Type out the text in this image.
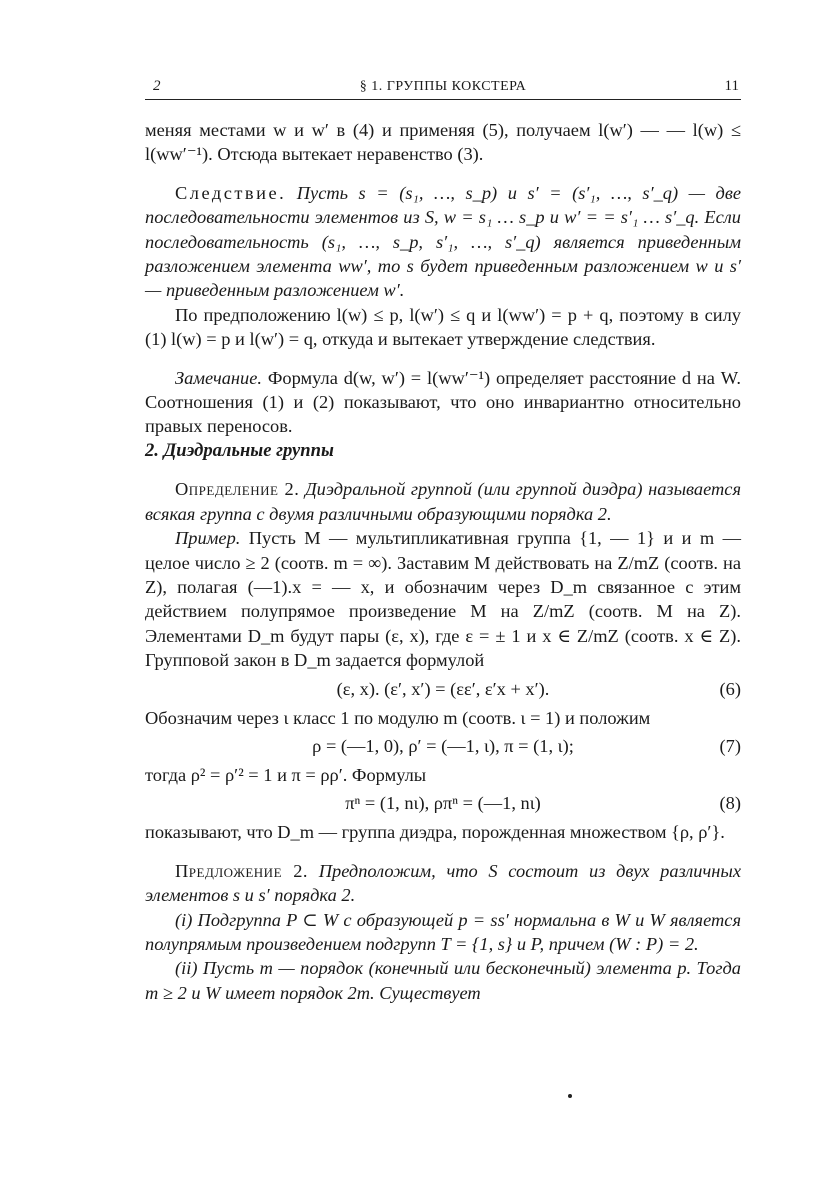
2	§ 1. ГРУППЫ КОКСТЕРА	11

меняя местами w и w′ в (4) и применяя (5), получаем l(w′) — — l(w) ≤ l(ww′⁻¹). Отсюда вытекает неравенство (3).

Следствие. Пусть s = (s₁, …, s_p) и s′ = (s′₁, …, s′_q) — две последовательности элементов из S, w = s₁ … s_p и w′ = = s′₁ … s′_q. Если последовательность (s₁, …, s_p, s′₁, …, s′_q) является приведенным разложением элемента ww′, то s будет приведенным разложением w и s′ — приведенным разложением w′.

По предположению l(w) ≤ p, l(w′) ≤ q и l(ww′) = p + q, поэтому в силу (1) l(w) = p и l(w′) = q, откуда и вытекает утверждение следствия.

Замечание. Формула d(w, w′) = l(ww′⁻¹) определяет расстояние d на W. Соотношения (1) и (2) показывают, что оно инвариантно относительно правых переносов.

2. Диэдральные группы

Определение 2. Диэдральной группой (или группой диэдра) называется всякая группа с двумя различными образующими порядка 2.

Пример. Пусть M — мультипликативная группа {1, — 1} и и m — целое число ≥ 2 (соотв. m = ∞). Заставим M действовать на Z/mZ (соотв. на Z), полагая (—1).x = — x, и обозначим через D_m связанное с этим действием полупрямое произведение M на Z/mZ (соотв. M на Z). Элементами D_m будут пары (ε, x), где ε = ± 1 и x ∈ Z/mZ (соотв. x ∈ Z). Групповой закон в D_m задается формулой

(ε, x). (ε′, x′) = (εε′, ε′x + x′).	(6)

Обозначим через ι класс 1 по модулю m (соотв. ι = 1) и положим

ρ = (—1, 0), ρ′ = (—1, ι), π = (1, ι);	(7)

тогда ρ² = ρ′² = 1 и π = ρρ′. Формулы

πⁿ = (1, nι), ρπⁿ = (—1, nι)	(8)

показывают, что D_m — группа диэдра, порожденная множеством {ρ, ρ′}.

Предложение 2. Предположим, что S состоит из двух различных элементов s и s′ порядка 2.

(i) Подгруппа P ⊂ W с образующей p = ss′ нормальна в W и W является полупрямым произведением подгрупп T = {1, s} и P, причем (W : P) = 2.

(ii) Пусть m — порядок (конечный или бесконечный) элемента p. Тогда m ≥ 2 и W имеет порядок 2m. Существует
